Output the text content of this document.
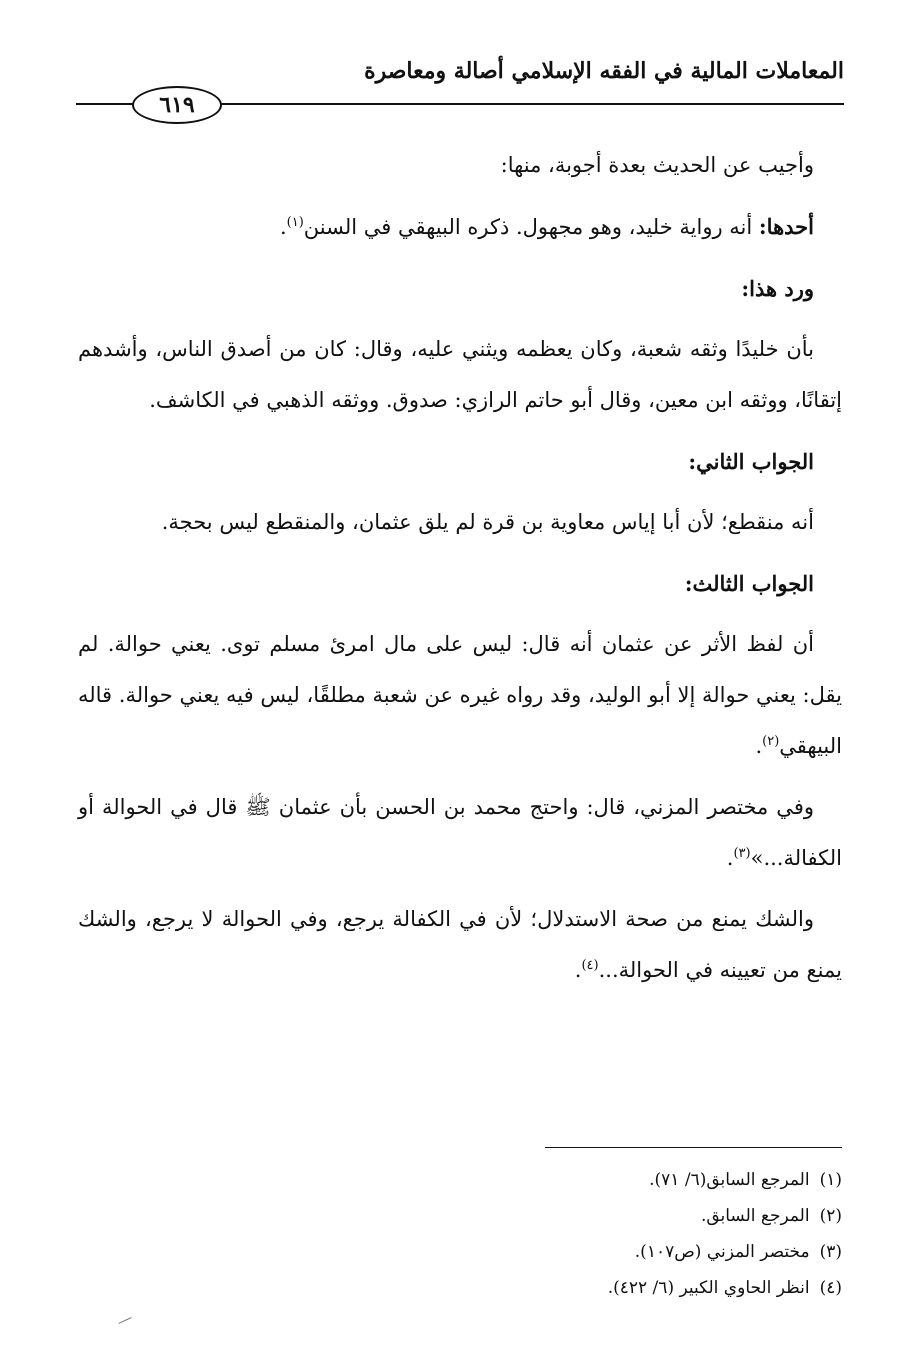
المعاملات المالية في الفقه الإسلامي أصالة ومعاصرة
٦١٩

وأجيب عن الحديث بعدة أجوبة، منها:

أحدها: أنه رواية خليد، وهو مجهول. ذكره البيهقي في السنن$^{(١)}$.

ورد هذا:

بأن خليدًا وثقه شعبة، وكان يعظمه ويثني عليه، وقال: كان من أصدق الناس، وأشدهم إتقانًا، ووثقه ابن معين، وقال أبو حاتم الرازي: صدوق. ووثقه الذهبي في الكاشف.

الجواب الثاني:

أنه منقطع؛ لأن أبا إياس معاوية بن قرة لم يلق عثمان، والمنقطع ليس بحجة.

الجواب الثالث:

أن لفظ الأثر عن عثمان أنه قال: ليس على مال امرئ مسلم توى. يعني حوالة. لم يقل: يعني حوالة إلا أبو الوليد، وقد رواه غيره عن شعبة مطلقًا، ليس فيه يعني حوالة. قاله البيهقي$^{(٢)}$.

وفي مختصر المزني، قال: واحتج محمد بن الحسن بأن عثمان ﷺ قال في الحوالة أو الكفالة...»$^{(٣)}$.

والشك يمنع من صحة الاستدلال؛ لأن في الكفالة يرجع، وفي الحوالة لا يرجع، والشك يمنع من تعيينه في الحوالة...$^{(٤)}$.

(١)المرجع السابق(٦/ ٧١).
(٢)المرجع السابق.
(٣)مختصر المزني (ص١٠٧).
(٤)انظر الحاوي الكبير (٦/ ٤٢٢).
